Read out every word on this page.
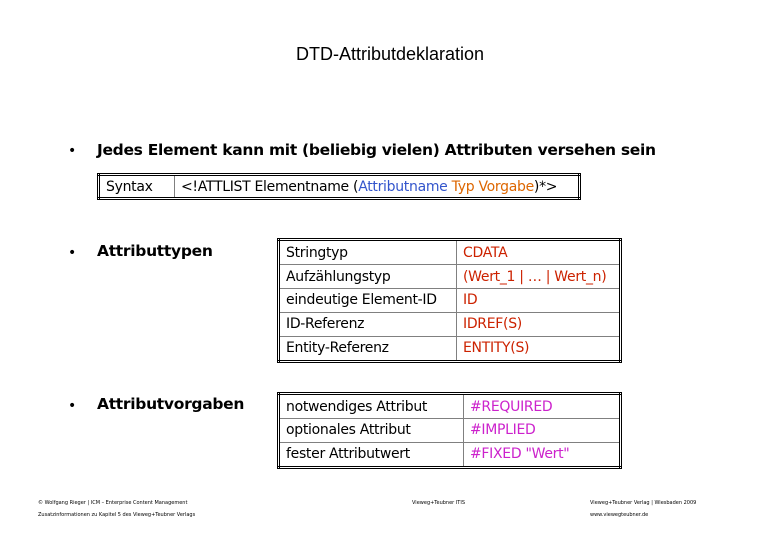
DTD-Attributdeklaration
• Jedes Element kann mit (beliebig vielen) Attributen versehen sein
Syntax	<!ATTLIST Elementname (Attributname Typ Vorgabe)*>
• Attributtypen	Stringtyp	CDATA
Aufzählungstyp	(Wert_1 | … | Wert_n)
eindeutige Element-ID	ID
ID-Referenz	IDREF(S)
Entity-Referenz	ENTITY(S)
• Attributvorgaben	notwendiges Attribut	#REQUIRED
optionales Attribut	#IMPLIED
fester Attributwert	#FIXED "Wert"
© Wolfgang Rieger | ICM – Enterprise Content Management
Zusatzinformationen zu Kapitel 5 des Vieweg+Teubner Verlags
Vieweg+Teubner ITIS	Vieweg+Teubner Verlag | Wiesbaden 2009
www.viewegteubner.de
